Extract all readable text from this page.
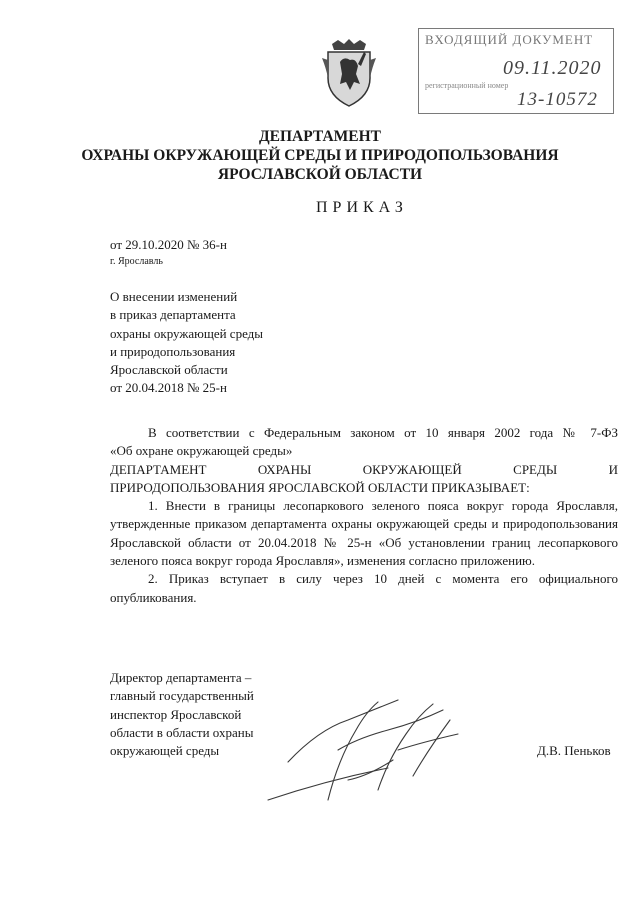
ВХОДЯЩИЙ ДОКУМЕНТ
09.11.2020
регистрационный номер
13-10572
ДЕПАРТАМЕНТ
ОХРАНЫ ОКРУЖАЮЩЕЙ СРЕДЫ И ПРИРОДОПОЛЬЗОВАНИЯ
ЯРОСЛАВСКОЙ ОБЛАСТИ
ПРИКАЗ
от 29.10.2020 № 36-н
г. Ярославль
О внесении изменений
в приказ департамента
охраны окружающей среды
и природопользования
Ярославской области
от 20.04.2018 № 25-н

В соответствии с Федеральным законом от 10 января 2002 года № 7-ФЗ

«Об охране окружающей среды»

ДЕПАРТАМЕНТ ОХРАНЫ ОКРУЖАЮЩЕЙ СРЕДЫ И

ПРИРОДОПОЛЬЗОВАНИЯ ЯРОСЛАВСКОЙ ОБЛАСТИ ПРИКАЗЫВАЕТ:

1. Внести в границы лесопаркового зеленого пояса вокруг города Ярославля, утвержденные приказом департамента охраны окружающей среды и природопользования Ярославской области от 20.04.2018 № 25-н «Об установлении границ лесопаркового зеленого пояса вокруг города Ярославля», изменения согласно приложению.

2. Приказ вступает в силу через 10 дней с момента его официального опубликования.

Директор департамента –
главный государственный
инспектор Ярославской
области в области охраны
окружающей среды	Д.В. Пеньков
